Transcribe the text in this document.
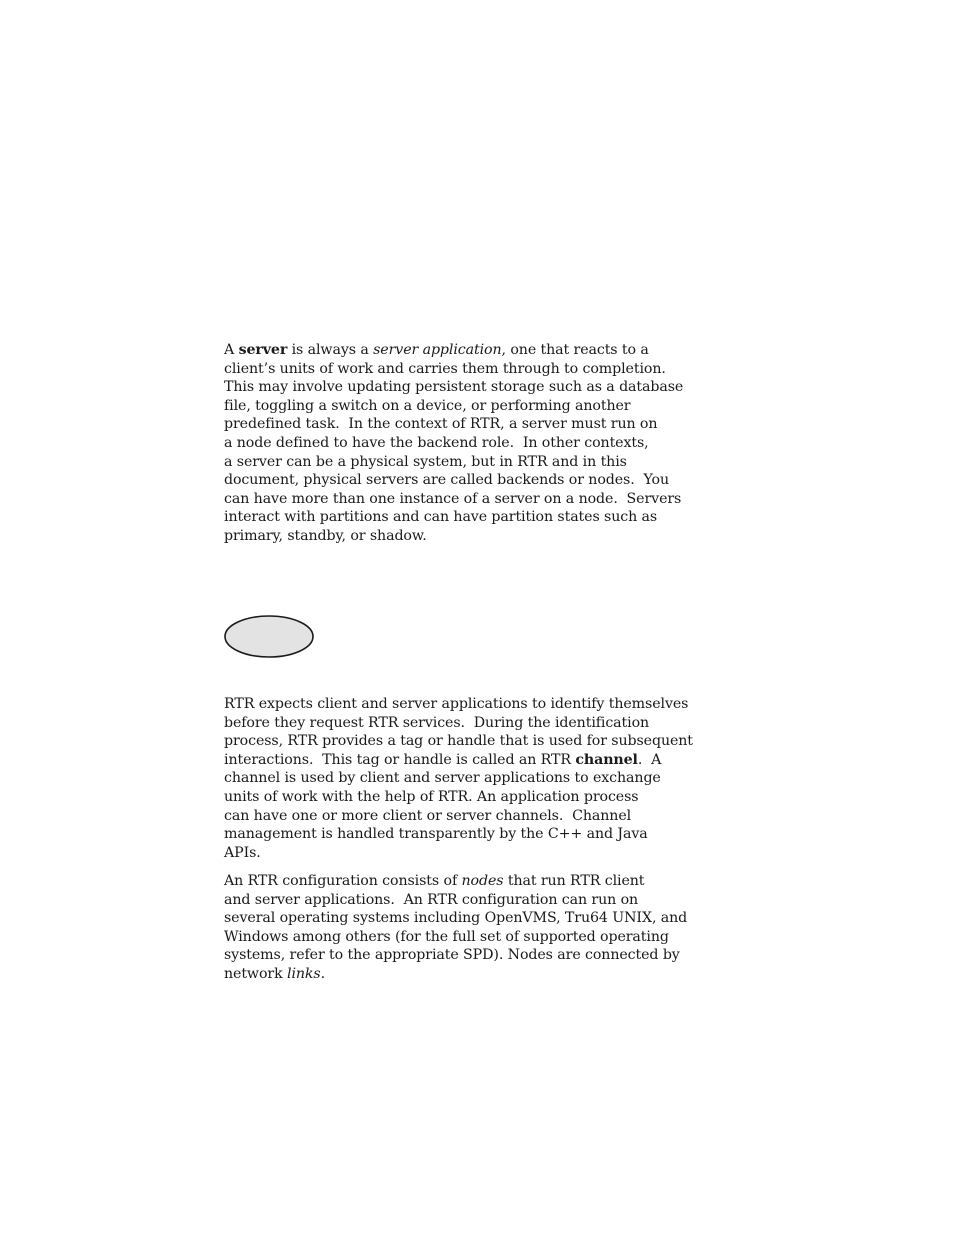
A server is always a server application, one that reacts to a
client’s units of work and carries them through to completion.
This may involve updating persistent storage such as a database
file, toggling a switch on a device, or performing another
predefined task.  In the context of RTR, a server must run on
a node defined to have the backend role.  In other contexts,
a server can be a physical system, but in RTR and in this
document, physical servers are called backends or nodes.  You
can have more than one instance of a server on a node.  Servers
interact with partitions and can have partition states such as
primary, standby, or shadow.
RTR expects client and server applications to identify themselves
before they request RTR services.  During the identification
process, RTR provides a tag or handle that is used for subsequent
interactions.  This tag or handle is called an RTR channel.  A
channel is used by client and server applications to exchange
units of work with the help of RTR. An application process
can have one or more client or server channels.  Channel
management is handled transparently by the C++ and Java
APIs.
An RTR configuration consists of nodes that run RTR client
and server applications.  An RTR configuration can run on
several operating systems including OpenVMS, Tru64 UNIX, and
Windows among others (for the full set of supported operating
systems, refer to the appropriate SPD). Nodes are connected by
network links.
